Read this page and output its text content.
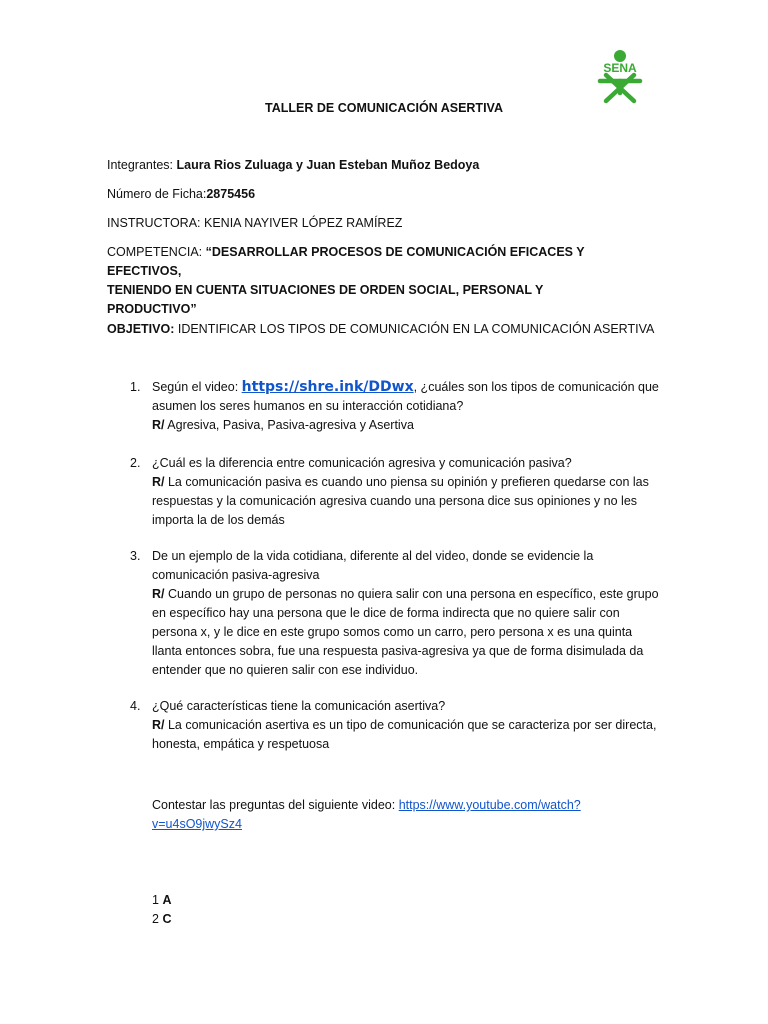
SENA
TALLER DE COMUNICACIÓN ASERTIVA
Integrantes: Laura Rios Zuluaga y Juan Esteban Muñoz Bedoya
Número de Ficha:2875456
INSTRUCTORA: KENIA NAYIVER LÓPEZ RAMÍREZ
COMPETENCIA: “DESARROLLAR PROCESOS DE COMUNICACIÓN EFICACES Y EFECTIVOS,
TENIENDO EN CUENTA SITUACIONES DE ORDEN SOCIAL, PERSONAL Y PRODUCTIVO”
OBJETIVO: IDENTIFICAR LOS TIPOS DE COMUNICACIÓN EN LA COMUNICACIÓN ASERTIVA
1. Según el video: https://shre.ink/DDwx, ¿cuáles son los tipos de comunicación que
asumen los seres humanos en su interacción cotidiana?
R/ Agresiva, Pasiva, Pasiva-agresiva y Asertiva
2. ¿Cuál es la diferencia entre comunicación agresiva y comunicación pasiva?
R/ La comunicación pasiva es cuando uno piensa su opinión y prefieren quedarse con las
respuestas y la comunicación agresiva cuando una persona dice sus opiniones y no les
importa la de los demás
3. De un ejemplo de la vida cotidiana, diferente al del video, donde se evidencie la
comunicación pasiva-agresiva
R/ Cuando un grupo de personas no quiera salir con una persona en específico, este grupo
en específico hay una persona que le dice de forma indirecta que no quiere salir con
persona x, y le dice en este grupo somos como un carro, pero persona x es una quinta
llanta entonces sobra, fue una respuesta pasiva-agresiva ya que de forma disimulada da
entender que no quieren salir con ese individuo.
4. ¿Qué características tiene la comunicación asertiva?
R/ La comunicación asertiva es un tipo de comunicación que se caracteriza por ser directa,
honesta, empática y respetuosa
Contestar las preguntas del siguiente video: https://www.youtube.com/watch?
v=u4sO9jwySz4
1 A
2 C
